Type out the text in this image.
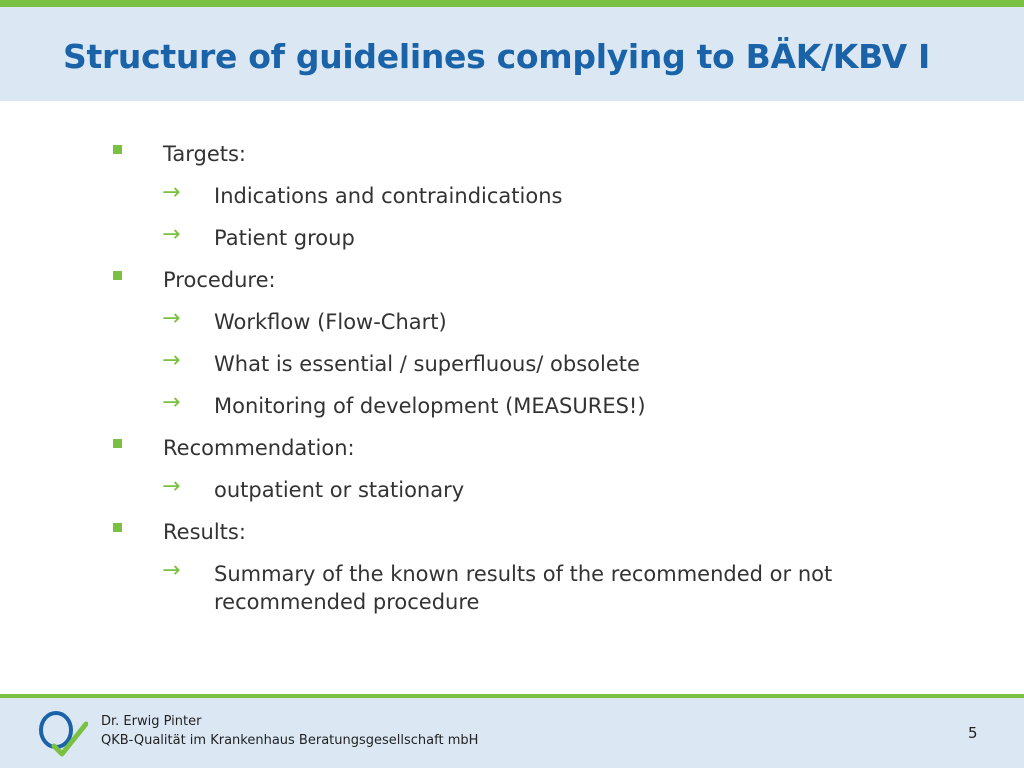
Structure of guidelines complying to BÄK/KBV I
Targets:
→ Indications and contraindications
→ Patient group
Procedure:
→ Workflow (Flow-Chart)
→ What is essential / superfluous/ obsolete
→ Monitoring of development (MEASURES!)
Recommendation:
→ outpatient or stationary
Results:
→ Summary of the known results of the recommended or not recommended procedure
Dr. Erwig Pinter
QKB-Qualität im Krankenhaus Beratungsgesellschaft mbH	5
